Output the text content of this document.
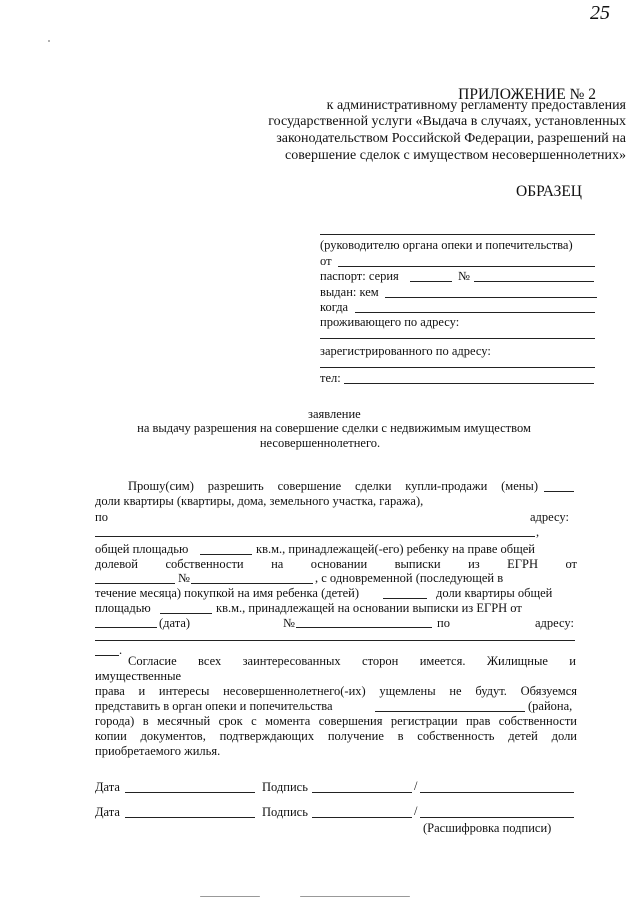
25
ПРИЛОЖЕНИЕ № 2
к административному регламенту предоставления
государственной услуги «Выдача в случаях, установленных
законодательством Российской Федерации, разрешений на
совершение сделок с имуществом несовершеннолетних»
ОБРАЗЕЦ
(руководителю органа опеки и попечительства)
от
паспорт: серия	№
выдан: кем
когда
проживающего по адресу:
зарегистрированного по адресу:
тел:
заявление
на выдачу разрешения на совершение сделки с недвижимым имуществом
несовершеннолетнего.
Прошу(сим) разрешить совершение сделки купли-продажи (мены)
доли квартиры (квартиры, дома, земельного участка, гаража),
по	адресу:
,
общей площадью	кв.м., принадлежащей(-его) ребенку на праве общей
долевой собственности на основании выписки из ЕГРН от
№	, с одновременной (последующей в
течение месяца) покупкой на имя ребенка (детей)	доли квартиры общей
площадью	кв.м., принадлежащей на основании выписки из ЕГРН от
(дата)	№	по	адресу:
.
Согласие всех заинтересованных сторон имеется. Жилищные и
имущественные
права и интересы несовершеннолетнего(-их) ущемлены не будут. Обязуемся
представить в орган опеки и попечительства	(района,
города) в месячный срок с момента совершения регистрации прав собственности
копии документов, подтверждающих получение в собственность детей доли
приобретаемого жилья.
Дата	Подпись	/
Дата	Подпись	/
(Расшифровка подписи)
